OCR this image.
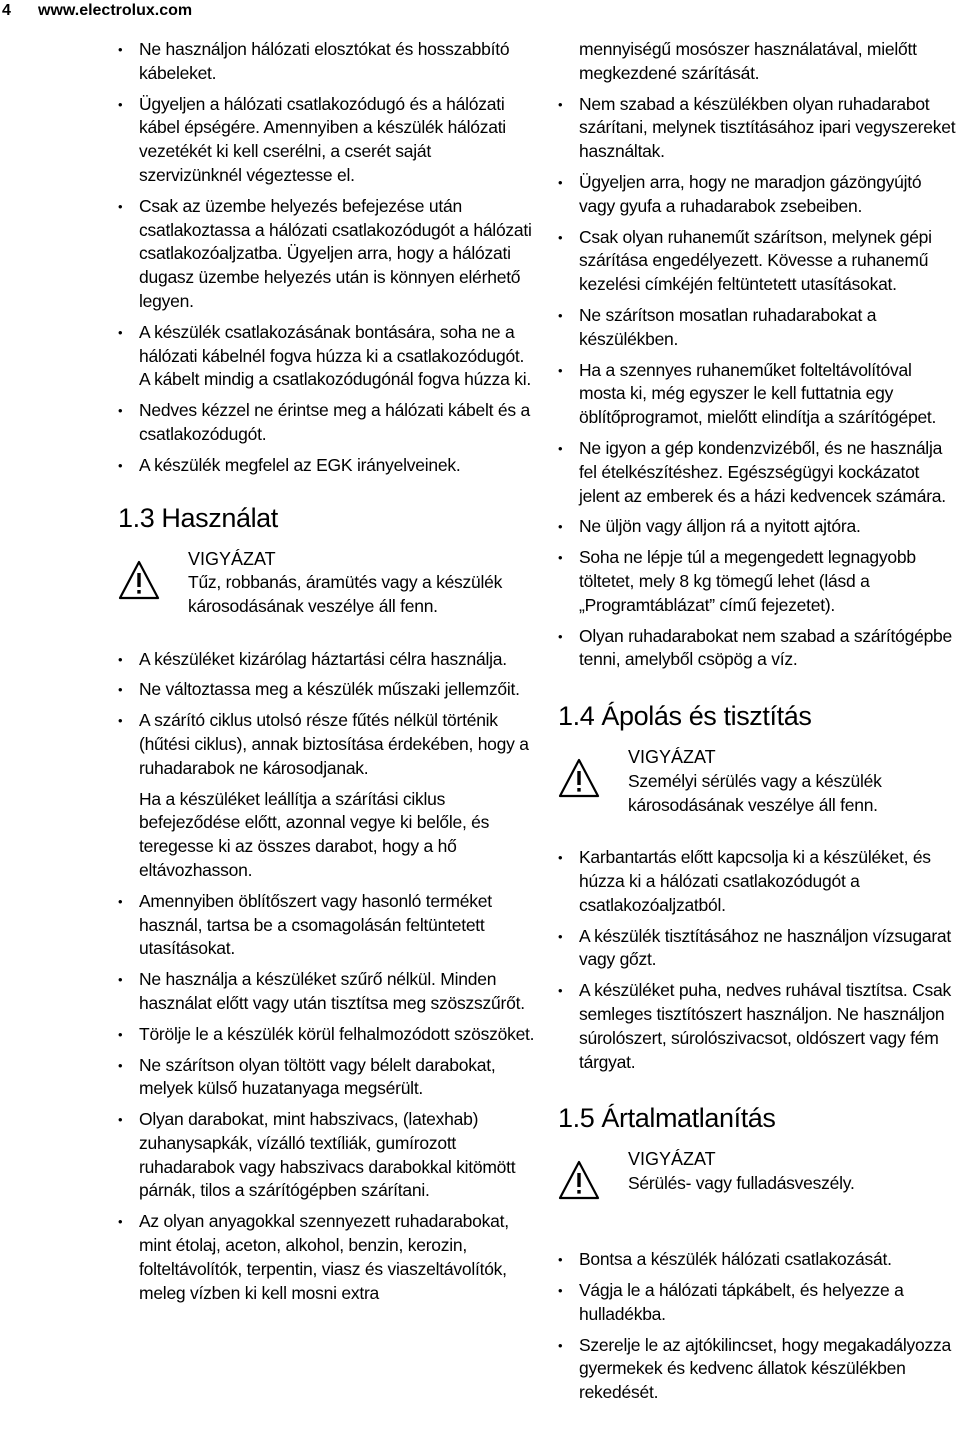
4 www.electrolux.com
• Ne használjon hálózati elosztókat és hosszabbító kábeleket.
• Ügyeljen a hálózati csatlakozódugó és a hálózati kábel épségére. Amennyiben a készülék hálózati vezetékét ki kell cserélni, a cserét saját szervizünknél végeztesse el.
• Csak az üzembe helyezés befejezése után csatlakoztassa a hálózati csatlakozódugót a hálózati csatlakozóaljzatba. Ügyeljen arra, hogy a hálózati dugasz üzembe helyezés után is könnyen elérhető legyen.
• A készülék csatlakozásának bontására, soha ne a hálózati kábelnél fogva húzza ki a csatlakozódugót. A kábelt mindig a csatlakozódugónál fogva húzza ki.
• Nedves kézzel ne érintse meg a hálózati kábelt és a csatlakozódugót.
• A készülék megfelel az EGK irányelveinek.
1.3 Használat
VIGYÁZAT
Tűz, robbanás, áramütés vagy a készülék károsodásának veszélye áll fenn.
• A készüléket kizárólag háztartási célra használja.
• Ne változtassa meg a készülék műszaki jellemzőit.
• A szárító ciklus utolsó része fűtés nélkül történik (hűtési ciklus), annak biztosítása érdekében, hogy a ruhadarabok ne károsodjanak.
Ha a készüléket leállítja a szárítási ciklus befejeződése előtt, azonnal vegye ki belőle, és teregesse ki az összes darabot, hogy a hő eltávozhasson.
• Amennyiben öblítőszert vagy hasonló terméket használ, tartsa be a csomagolásán feltüntetett utasításokat.
• Ne használja a készüléket szűrő nélkül. Minden használat előtt vagy után tisztítsa meg szöszszűrőt.
• Törölje le a készülék körül felhalmozódott szöszöket.
• Ne szárítson olyan töltött vagy bélelt darabokat, melyek külső huzatanyaga megsérült.
• Olyan darabokat, mint habszivacs, (latexhab) zuhanysapkák, vízálló textíliák, gumírozott ruhadarabok vagy habszivacs darabokkal kitömött párnák, tilos a szárítógépben szárítani.
• Az olyan anyagokkal szennyezett ruhadarabokat, mint étolaj, aceton, alkohol, benzin, kerozin, folteltávolítók, terpentin, viasz és viaszeltávolítók, meleg vízben ki kell mosni extra
mennyiségű mosószer használatával, mielőtt megkezdené szárítását.
• Nem szabad a készülékben olyan ruhadarabot szárítani, melynek tisztításához ipari vegyszereket használtak.
• Ügyeljen arra, hogy ne maradjon gázöngyújtó vagy gyufa a ruhadarabok zsebeiben.
• Csak olyan ruhaneműt szárítson, melynek gépi szárítása engedélyezett. Kövesse a ruhanemű kezelési címkéjén feltüntetett utasításokat.
• Ne szárítson mosatlan ruhadarabokat a készülékben.
• Ha a szennyes ruhaneműket folteltávolítóval mosta ki, még egyszer le kell futtatnia egy öblítőprogramot, mielőtt elindítja a szárítógépet.
• Ne igyon a gép kondenzvizéből, és ne használja fel ételkészítéshez. Egészségügyi kockázatot jelent az emberek és a házi kedvencek számára.
• Ne üljön vagy álljon rá a nyitott ajtóra.
• Soha ne lépje túl a megengedett legnagyobb töltetet, mely 8 kg tömegű lehet (lásd a „Programtáblázat” című fejezetet).
• Olyan ruhadarabokat nem szabad a szárítógépbe tenni, amelyből csöpög a víz.
1.4 Ápolás és tisztítás
VIGYÁZAT
Személyi sérülés vagy a készülék károsodásának veszélye áll fenn.
• Karbantartás előtt kapcsolja ki a készüléket, és húzza ki a hálózati csatlakozódugót a csatlakozóaljzatból.
• A készülék tisztításához ne használjon vízsugarat vagy gőzt.
• A készüléket puha, nedves ruhával tisztítsa. Csak semleges tisztítószert használjon. Ne használjon súrolószert, súrolószivacsot, oldószert vagy fém tárgyat.
1.5 Ártalmatlanítás
VIGYÁZAT
Sérülés- vagy fulladásveszély.
• Bontsa a készülék hálózati csatlakozását.
• Vágja le a hálózati tápkábelt, és helyezze a hulladékba.
• Szerelje le az ajtókilincset, hogy megakadályozza gyermekek és kedvenc állatok készülékben rekedését.
